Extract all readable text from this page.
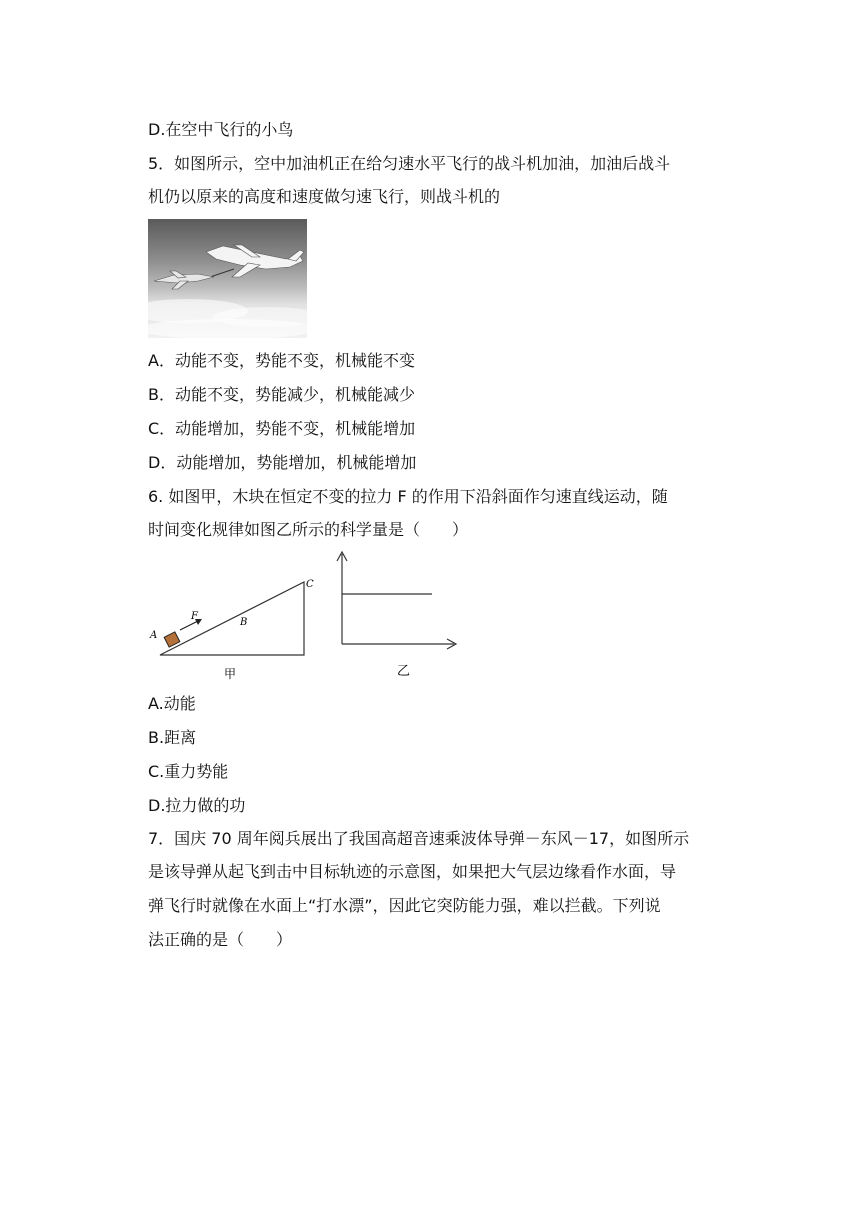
D.在空中飞行的小鸟
5．如图所示，空中加油机正在给匀速水平飞行的战斗机加油，加油后战斗
机仍以原来的高度和速度做匀速飞行，则战斗机的
A．动能不变，势能不变，机械能不变
B．动能不变，势能减少，机械能减少
C．动能增加，势能不变，机械能增加
D．动能增加，势能增加，机械能增加
6. 如图甲，木块在恒定不变的拉力 F 的作用下沿斜面作匀速直线运动，随
时间变化规律如图乙所示的科学量是（　　）
F
A
B
C
甲	乙
A.动能
B.距离
C.重力势能
D.拉力做的功
7．国庆 70 周年阅兵展出了我国高超音速乘波体导弹－东风－17，如图所示
是该导弹从起飞到击中目标轨迹的示意图，如果把大气层边缘看作水面，导
弹飞行时就像在水面上“打水漂”，因此它突防能力强，难以拦截。下列说
法正确的是（　　）
